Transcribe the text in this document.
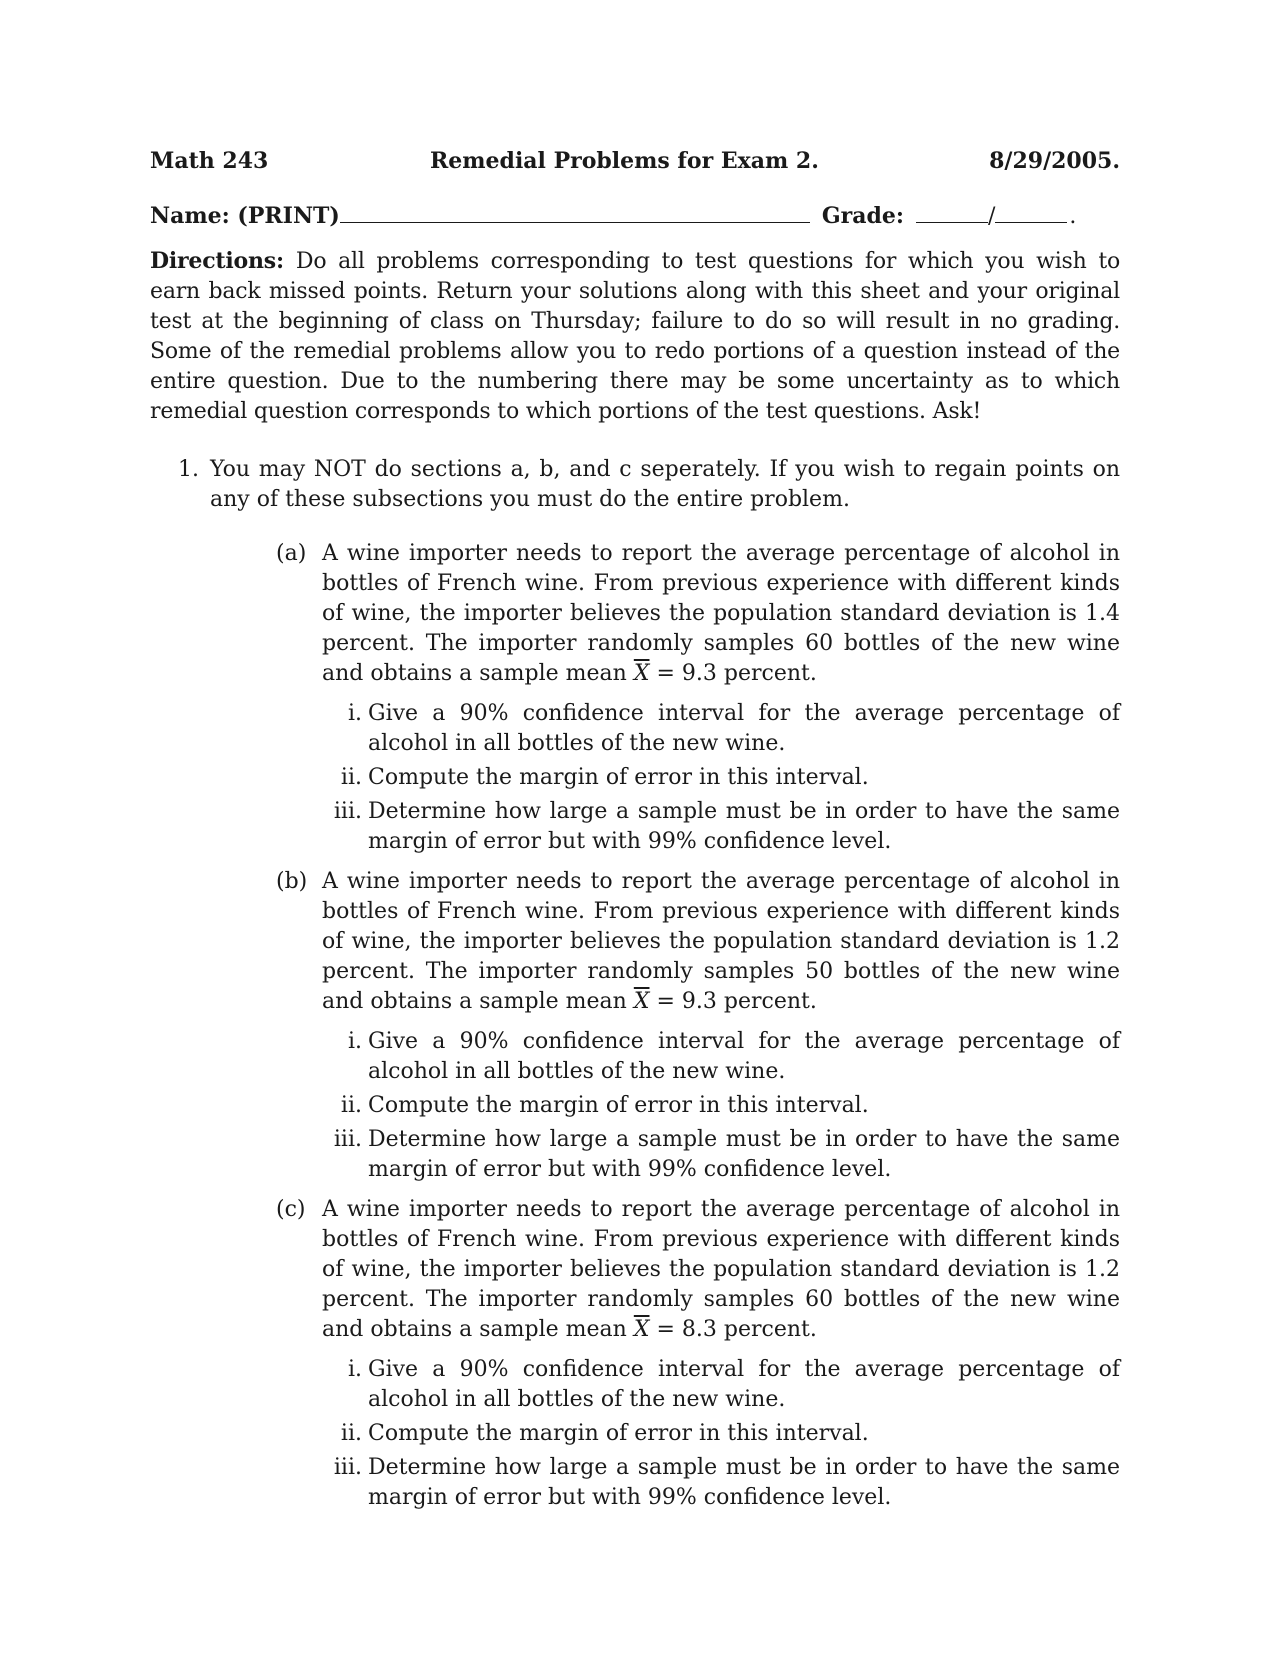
Math 243	Remedial Problems for Exam 2.	8/29/2005.
Name: (PRINT)	Grade:	/	.
Directions: Do all problems corresponding to test questions for which you wish to earn back missed points. Return your solutions along with this sheet and your original test at the beginning of class on Thursday; failure to do so will result in no grading. Some of the remedial problems allow you to redo portions of a question instead of the entire question. Due to the numbering there may be some uncertainty as to which remedial question corresponds to which portions of the test questions. Ask!
1. You may NOT do sections a, b, and c seperately. If you wish to regain points on any of these subsections you must do the entire problem.
(a) A wine importer needs to report the average percentage of alcohol in bottles of French wine. From previous experience with different kinds of wine, the importer believes the population standard deviation is 1.4 percent. The importer randomly samples 60 bottles of the new wine and obtains a sample mean $\overline{X} = 9.3$ percent.
i. Give a 90% confidence interval for the average percentage of alcohol in all bottles of the new wine.
ii. Compute the margin of error in this interval.
iii. Determine how large a sample must be in order to have the same margin of error but with 99% confidence level.
(b) A wine importer needs to report the average percentage of alcohol in bottles of French wine. From previous experience with different kinds of wine, the importer believes the population standard deviation is 1.2 percent. The importer randomly samples 50 bottles of the new wine and obtains a sample mean $\overline{X} = 9.3$ percent.
i. Give a 90% confidence interval for the average percentage of alcohol in all bottles of the new wine.
ii. Compute the margin of error in this interval.
iii. Determine how large a sample must be in order to have the same margin of error but with 99% confidence level.
(c) A wine importer needs to report the average percentage of alcohol in bottles of French wine. From previous experience with different kinds of wine, the importer believes the population standard deviation is 1.2 percent. The importer randomly samples 60 bottles of the new wine and obtains a sample mean $\overline{X} = 8.3$ percent.
i. Give a 90% confidence interval for the average percentage of alcohol in all bottles of the new wine.
ii. Compute the margin of error in this interval.
iii. Determine how large a sample must be in order to have the same margin of error but with 99% confidence level.
